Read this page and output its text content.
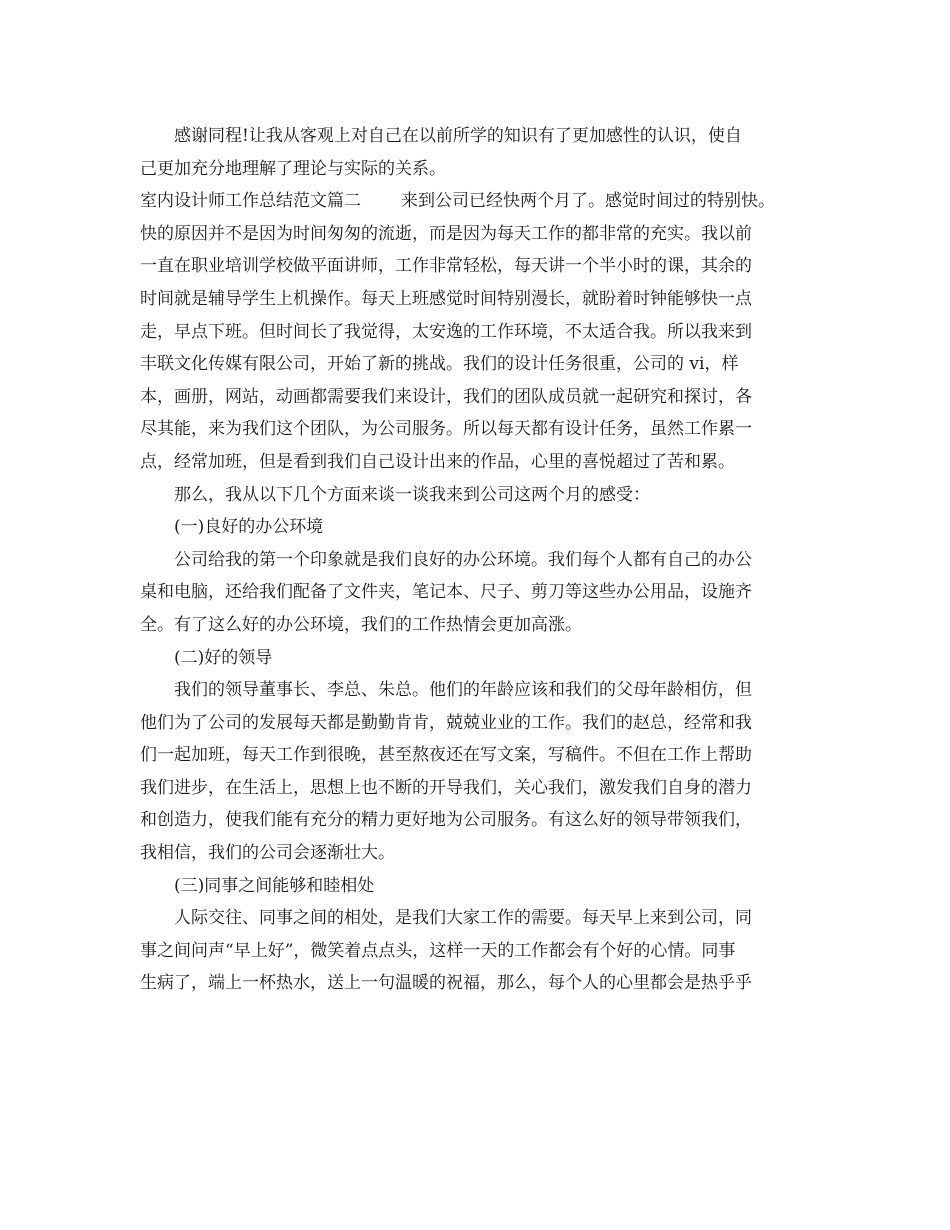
感谢同程!让我从客观上对自己在以前所学的知识有了更加感性的认识，使自
己更加充分地理解了理论与实际的关系。
室内设计师工作总结范文篇二 来到公司已经快两个月了。感觉时间过的特别快。
快的原因并不是因为时间匆匆的流逝，而是因为每天工作的都非常的充实。我以前
一直在职业培训学校做平面讲师，工作非常轻松，每天讲一个半小时的课，其余的
时间就是辅导学生上机操作。每天上班感觉时间特别漫长，就盼着时钟能够快一点
走，早点下班。但时间长了我觉得，太安逸的工作环境，不太适合我。所以我来到
丰联文化传媒有限公司，开始了新的挑战。我们的设计任务很重，公司的 vi，样
本，画册，网站，动画都需要我们来设计，我们的团队成员就一起研究和探讨，各
尽其能，来为我们这个团队，为公司服务。所以每天都有设计任务，虽然工作累一
点，经常加班，但是看到我们自己设计出来的作品，心里的喜悦超过了苦和累。
那么，我从以下几个方面来谈一谈我来到公司这两个月的感受：
(一)良好的办公环境
公司给我的第一个印象就是我们良好的办公环境。我们每个人都有自己的办公
桌和电脑，还给我们配备了文件夹，笔记本、尺子、剪刀等这些办公用品，设施齐
全。有了这么好的办公环境，我们的工作热情会更加高涨。
(二)好的领导
我们的领导董事长、李总、朱总。他们的年龄应该和我们的父母年龄相仿，但
他们为了公司的发展每天都是勤勤肯肯，兢兢业业的工作。我们的赵总，经常和我
们一起加班，每天工作到很晚，甚至熬夜还在写文案，写稿件。不但在工作上帮助
我们进步，在生活上，思想上也不断的开导我们，关心我们，激发我们自身的潜力
和创造力，使我们能有充分的精力更好地为公司服务。有这么好的领导带领我们，
我相信，我们的公司会逐渐壮大。
(三)同事之间能够和睦相处
人际交往、同事之间的相处，是我们大家工作的需要。每天早上来到公司，同
事之间问声“早上好”，微笑着点点头，这样一天的工作都会有个好的心情。同事
生病了，端上一杯热水，送上一句温暖的祝福，那么，每个人的心里都会是热乎乎
